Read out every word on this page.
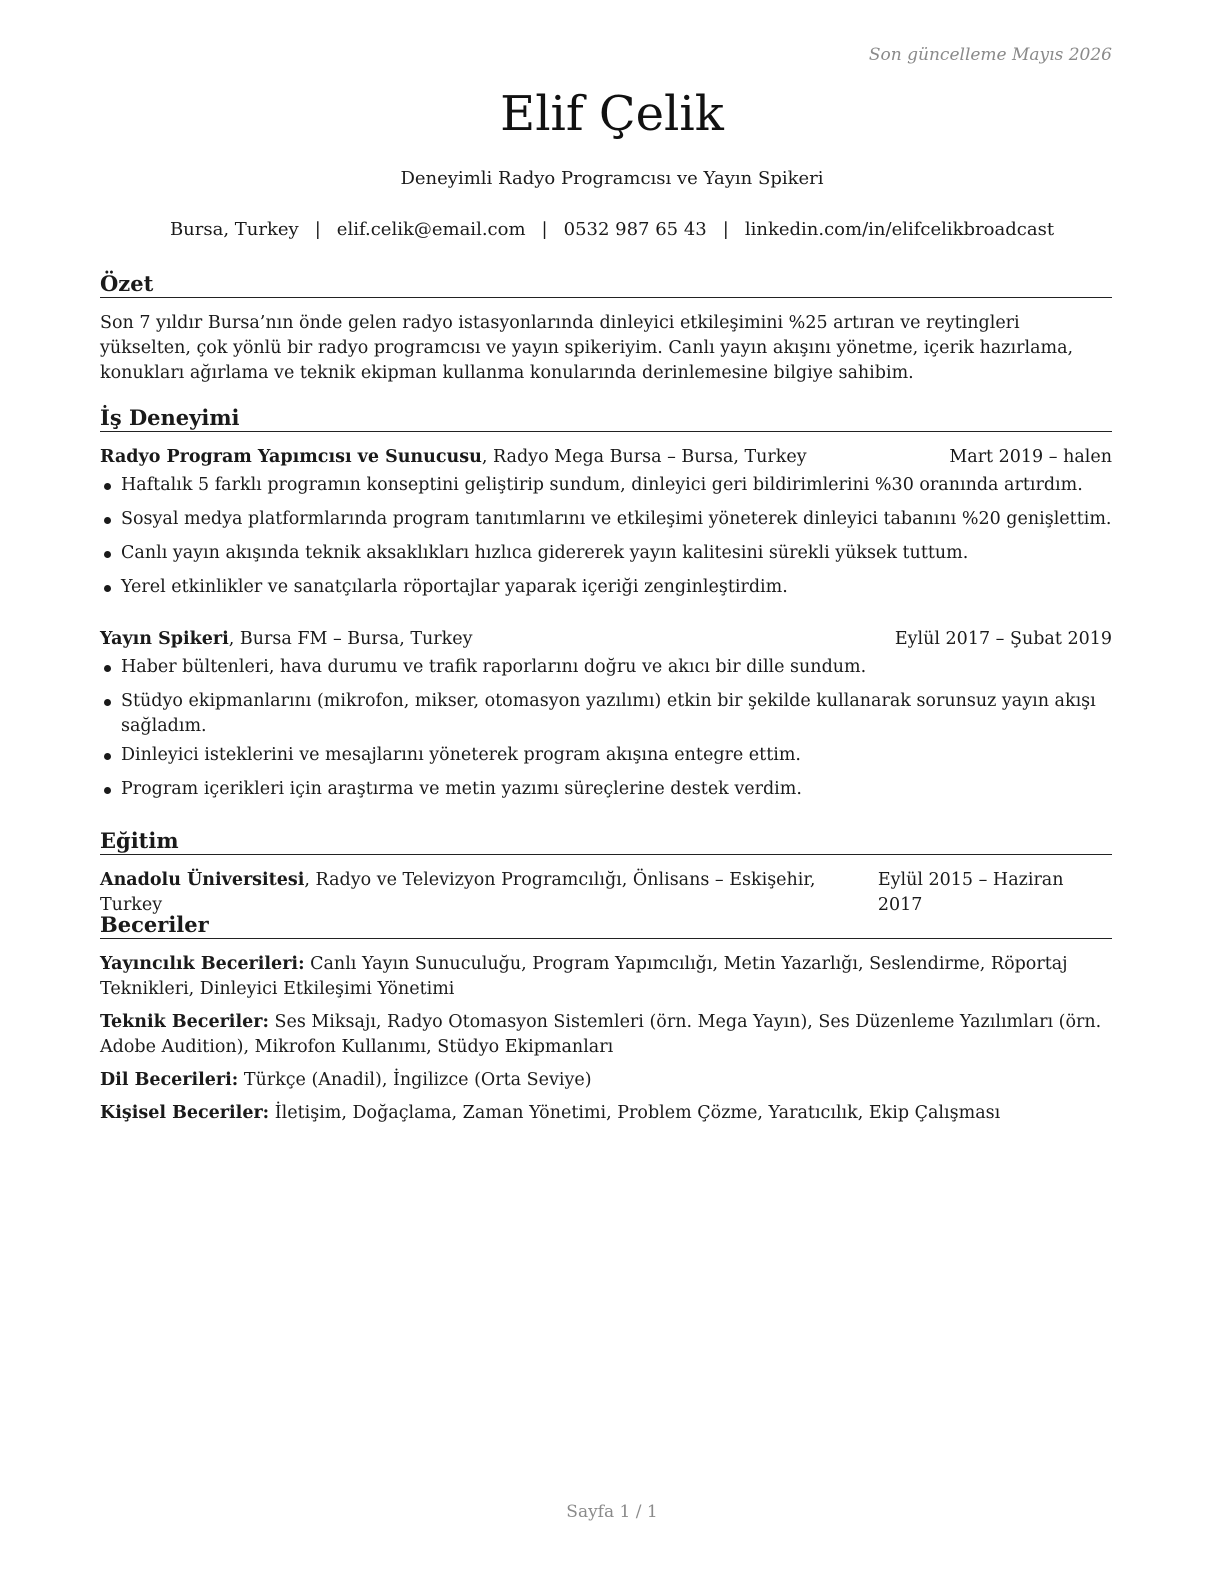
Son güncelleme Mayıs 2026
Elif Çelik
Deneyimli Radyo Programcısı ve Yayın Spikeri
Bursa, Turkey | elif.celik@email.com | 0532 987 65 43 | linkedin.com/in/elifcelikbroadcast
Özet
Son 7 yıldır Bursa’nın önde gelen radyo istasyonlarında dinleyici etkileşimini %25 artıran ve reytingleri yükselten, çok yönlü bir radyo programcısı ve yayın spikeriyim. Canlı yayın akışını yönetme, içerik hazırlama, konukları ağırlama ve teknik ekipman kullanma konularında derinlemesine bilgiye sahibim.
İş Deneyimi
Radyo Program Yapımcısı ve Sunucusu, Radyo Mega Bursa – Bursa, Turkey	Mart 2019 – halen
Haftalık 5 farklı programın konseptini geliştirip sundum, dinleyici geri bildirimlerini %30 oranında artırdım.
Sosyal medya platformlarında program tanıtımlarını ve etkileşimi yöneterek dinleyici tabanını %20 genişlettim.
Canlı yayın akışında teknik aksaklıkları hızlıca gidererek yayın kalitesini sürekli yüksek tuttum.
Yerel etkinlikler ve sanatçılarla röportajlar yaparak içeriği zenginleştirdim.
Yayın Spikeri, Bursa FM – Bursa, Turkey	Eylül 2017 – Şubat 2019
Haber bültenleri, hava durumu ve trafik raporlarını doğru ve akıcı bir dille sundum.
Stüdyo ekipmanlarını (mikrofon, mikser, otomasyon yazılımı) etkin bir şekilde kullanarak sorunsuz yayın akışı sağladım.
Dinleyici isteklerini ve mesajlarını yöneterek program akışına entegre ettim.
Program içerikleri için araştırma ve metin yazımı süreçlerine destek verdim.
Eğitim
Anadolu Üniversitesi, Radyo ve Televizyon Programcılığı, Önlisans – Eskişehir, Turkey
Eylül 2015 – Haziran 2017
Beceriler
Yayıncılık Becerileri: Canlı Yayın Sunuculuğu, Program Yapımcılığı, Metin Yazarlığı, Seslendirme, Röportaj Teknikleri, Dinleyici Etkileşimi Yönetimi
Teknik Beceriler: Ses Miksajı, Radyo Otomasyon Sistemleri (örn. Mega Yayın), Ses Düzenleme Yazılımları (örn. Adobe Audition), Mikrofon Kullanımı, Stüdyo Ekipmanları
Dil Becerileri: Türkçe (Anadil), İngilizce (Orta Seviye)
Kişisel Beceriler: İletişim, Doğaçlama, Zaman Yönetimi, Problem Çözme, Yaratıcılık, Ekip Çalışması
Sayfa 1 / 1
